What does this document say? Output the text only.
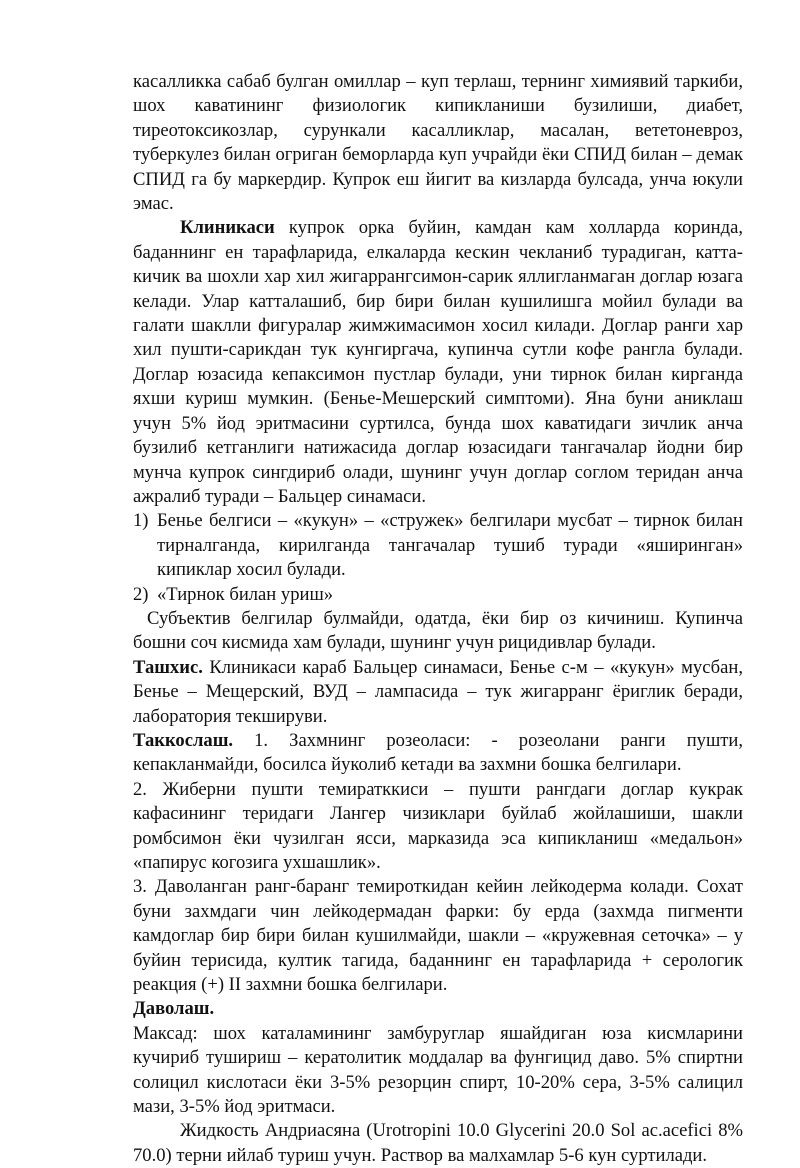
касалликка сабаб булган омиллар – куп терлаш, тернинг химиявий таркиби, шох каватининг физиологик кипикланиши бузилиши, диабет, тиреотоксикозлар, сурункали касалликлар, масалан, вететоневроз, туберкулез билан огриган беморларда куп учрайди ёки СПИД билан – демак СПИД га бу маркердир. Купрок еш йигит ва кизларда булсада, унча юкули эмас.

Клиникаси купрок орка буйин, камдан кам холларда коринда, баданнинг ен тарафларида, елкаларда кескин чекланиб турадиган, катта-кичик ва шохли хар хил жигаррангсимон-сарик яллигланмаган доглар юзага келади. Улар катталашиб, бир бири билан кушилишга мойил булади ва галати шаклли фигуралар жимжимасимон хосил килади. Доглар ранги хар хил пушти-сарикдан тук кунгиргача, купинча сутли кофе рангла булади. Доглар юзасида кепаксимон пустлар булади, уни тирнок билан кирганда яхши куриш мумкин. (Бенье-Мешерский симптоми). Яна буни аниклаш учун 5% йод эритмасини суртилса, бунда шох каватидаги зичлик анча бузилиб кетганлиги натижасида доглар юзасидаги тангачалар йодни бир мунча купрок сингдириб олади, шунинг учун доглар соглом теридан анча ажралиб туради – Бальцер синамаси.

1) Бенье белгиси – «кукун» – «стружек» белгилари мусбат – тирнок билан тирналганда, кирилганда тангачалар тушиб туради «яширинган» кипиклар хосил булади.
2) «Тирнок билан уриш»

Субъектив белгилар булмайди, одатда, ёки бир оз кичиниш. Купинча бошни соч кисмида хам булади, шунинг учун рицидивлар булади.

Ташхис. Клиникаси караб Бальцер синамаси, Бенье с-м – «кукун» мусбан, Бенье – Мещерский, ВУД – лампасида – тук жигарранг ёриглик беради, лаборатория текшируви.

Таккослаш. 1. Захмнинг розеоласи: - розеолани ранги пушти, кепакланмайди, босилса йуколиб кетади ва захмни бошка белгилари.

2. Жиберни пушти темиратккиси – пушти рангдаги доглар кукрак кафасининг теридаги Лангер чизиклари буйлаб жойлашиши, шакли ромбсимон ёки чузилган ясси, марказида эса кипикланиш «медальон» «папирус когозига ухшашлик».

3. Даволанган ранг-баранг темироткидан кейин лейкодерма колади. Сохат буни захмдаги чин лейкодермадан фарки: бу ерда (захмда пигменти камдоглар бир бири билан кушилмайди, шакли – «кружевная сеточка» – у буйин терисида, култик тагида, баданнинг ен тарафларида + серологик реакция (+) II захмни бошка белгилари.

Даволаш.

Максад: шох каталамининг замбуруглар яшайдиган юза кисмларини кучириб тушириш – кератолитик моддалар ва фунгицид даво. 5% спиртни солицил кислотаси ёки 3-5% резорцин спирт, 10-20% сера, 3-5% салицил мази, 3-5% йод эритмаси.

Жидкость Андриасяна (Urotropini 10.0 Glycerini 20.0 Sol ac.acefici 8% 70.0) терни ийлаб туриш учун. Раствор ва малхамлар 5-6 кун суртилади.
